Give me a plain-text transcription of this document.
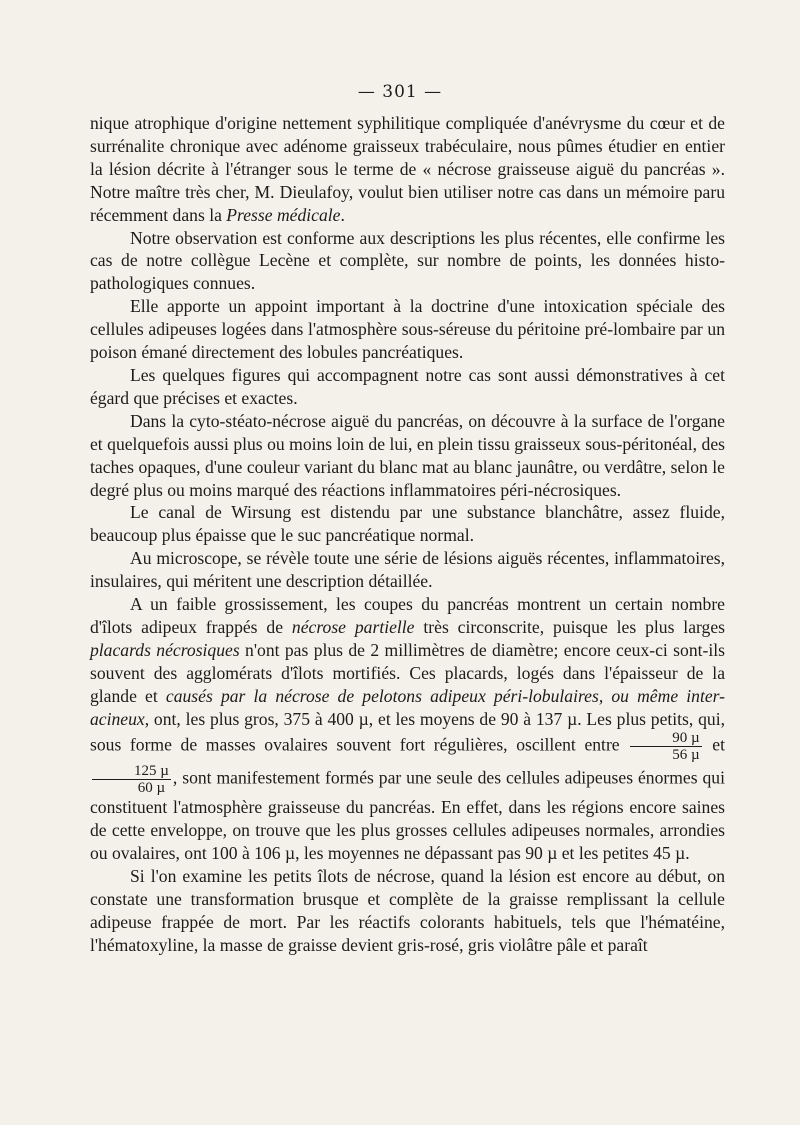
— 301 —

nique atrophique d'origine nettement syphilitique compliquée d'anévrysme du cœur et de surrénalite chronique avec adénome graisseux trabéculaire, nous pûmes étudier en entier la lésion décrite à l'étranger sous le terme de « nécrose graisseuse aiguë du pancréas ». Notre maître très cher, M. Dieulafoy, voulut bien utiliser notre cas dans un mémoire paru récemment dans la Presse médicale.

Notre observation est conforme aux descriptions les plus récentes, elle confirme les cas de notre collègue Lecène et complète, sur nombre de points, les données histo-pathologiques connues.

Elle apporte un appoint important à la doctrine d'une intoxication spéciale des cellules adipeuses logées dans l'atmosphère sous-séreuse du péritoine pré-lombaire par un poison émané directement des lobules pancréatiques.

Les quelques figures qui accompagnent notre cas sont aussi démonstratives à cet égard que précises et exactes.

Dans la cyto-stéato-nécrose aiguë du pancréas, on découvre à la surface de l'organe et quelquefois aussi plus ou moins loin de lui, en plein tissu graisseux sous-péritonéal, des taches opaques, d'une couleur variant du blanc mat au blanc jaunâtre, ou verdâtre, selon le degré plus ou moins marqué des réactions inflammatoires péri-nécrosiques.

Le canal de Wirsung est distendu par une substance blanchâtre, assez fluide, beaucoup plus épaisse que le suc pancréatique normal.

Au microscope, se révèle toute une série de lésions aiguës récentes, inflammatoires, insulaires, qui méritent une description détaillée.

A un faible grossissement, les coupes du pancréas montrent un certain nombre d'îlots adipeux frappés de nécrose partielle très circonscrite, puisque les plus larges placards nécrosiques n'ont pas plus de 2 millimètres de diamètre; encore ceux-ci sont-ils souvent des agglomérats d'îlots mortifiés. Ces placards, logés dans l'épaisseur de la glande et causés par la nécrose de pelotons adipeux péri-lobulaires, ou même inter-acineux, ont, les plus gros, 375 à 400 µ, et les moyens de 90 à 137 µ. Les plus petits, qui, sous forme de masses ovalaires souvent fort régulières, oscillent entre $\frac{\text{90 µ}}{\text{56 µ}}$ et
$\frac{\text{125 µ}}{\text{60 µ}}$ , sont manifestement formés par une seule des cellules adipeuses énormes qui constituent l'atmosphère graisseuse du pancréas. En effet, dans les régions encore saines de cette enveloppe, on trouve que les plus grosses cellules adipeuses normales, arrondies ou ovalaires, ont 100 à 106 µ, les moyennes ne dépassant pas 90 µ et les petites 45 µ.

Si l'on examine les petits îlots de nécrose, quand la lésion est encore au début, on constate une transformation brusque et complète de la graisse remplissant la cellule adipeuse frappée de mort. Par les réactifs colorants habituels, tels que l'hématéine, l'hématoxyline, la masse de graisse devient gris-rosé, gris violâtre pâle et paraît
